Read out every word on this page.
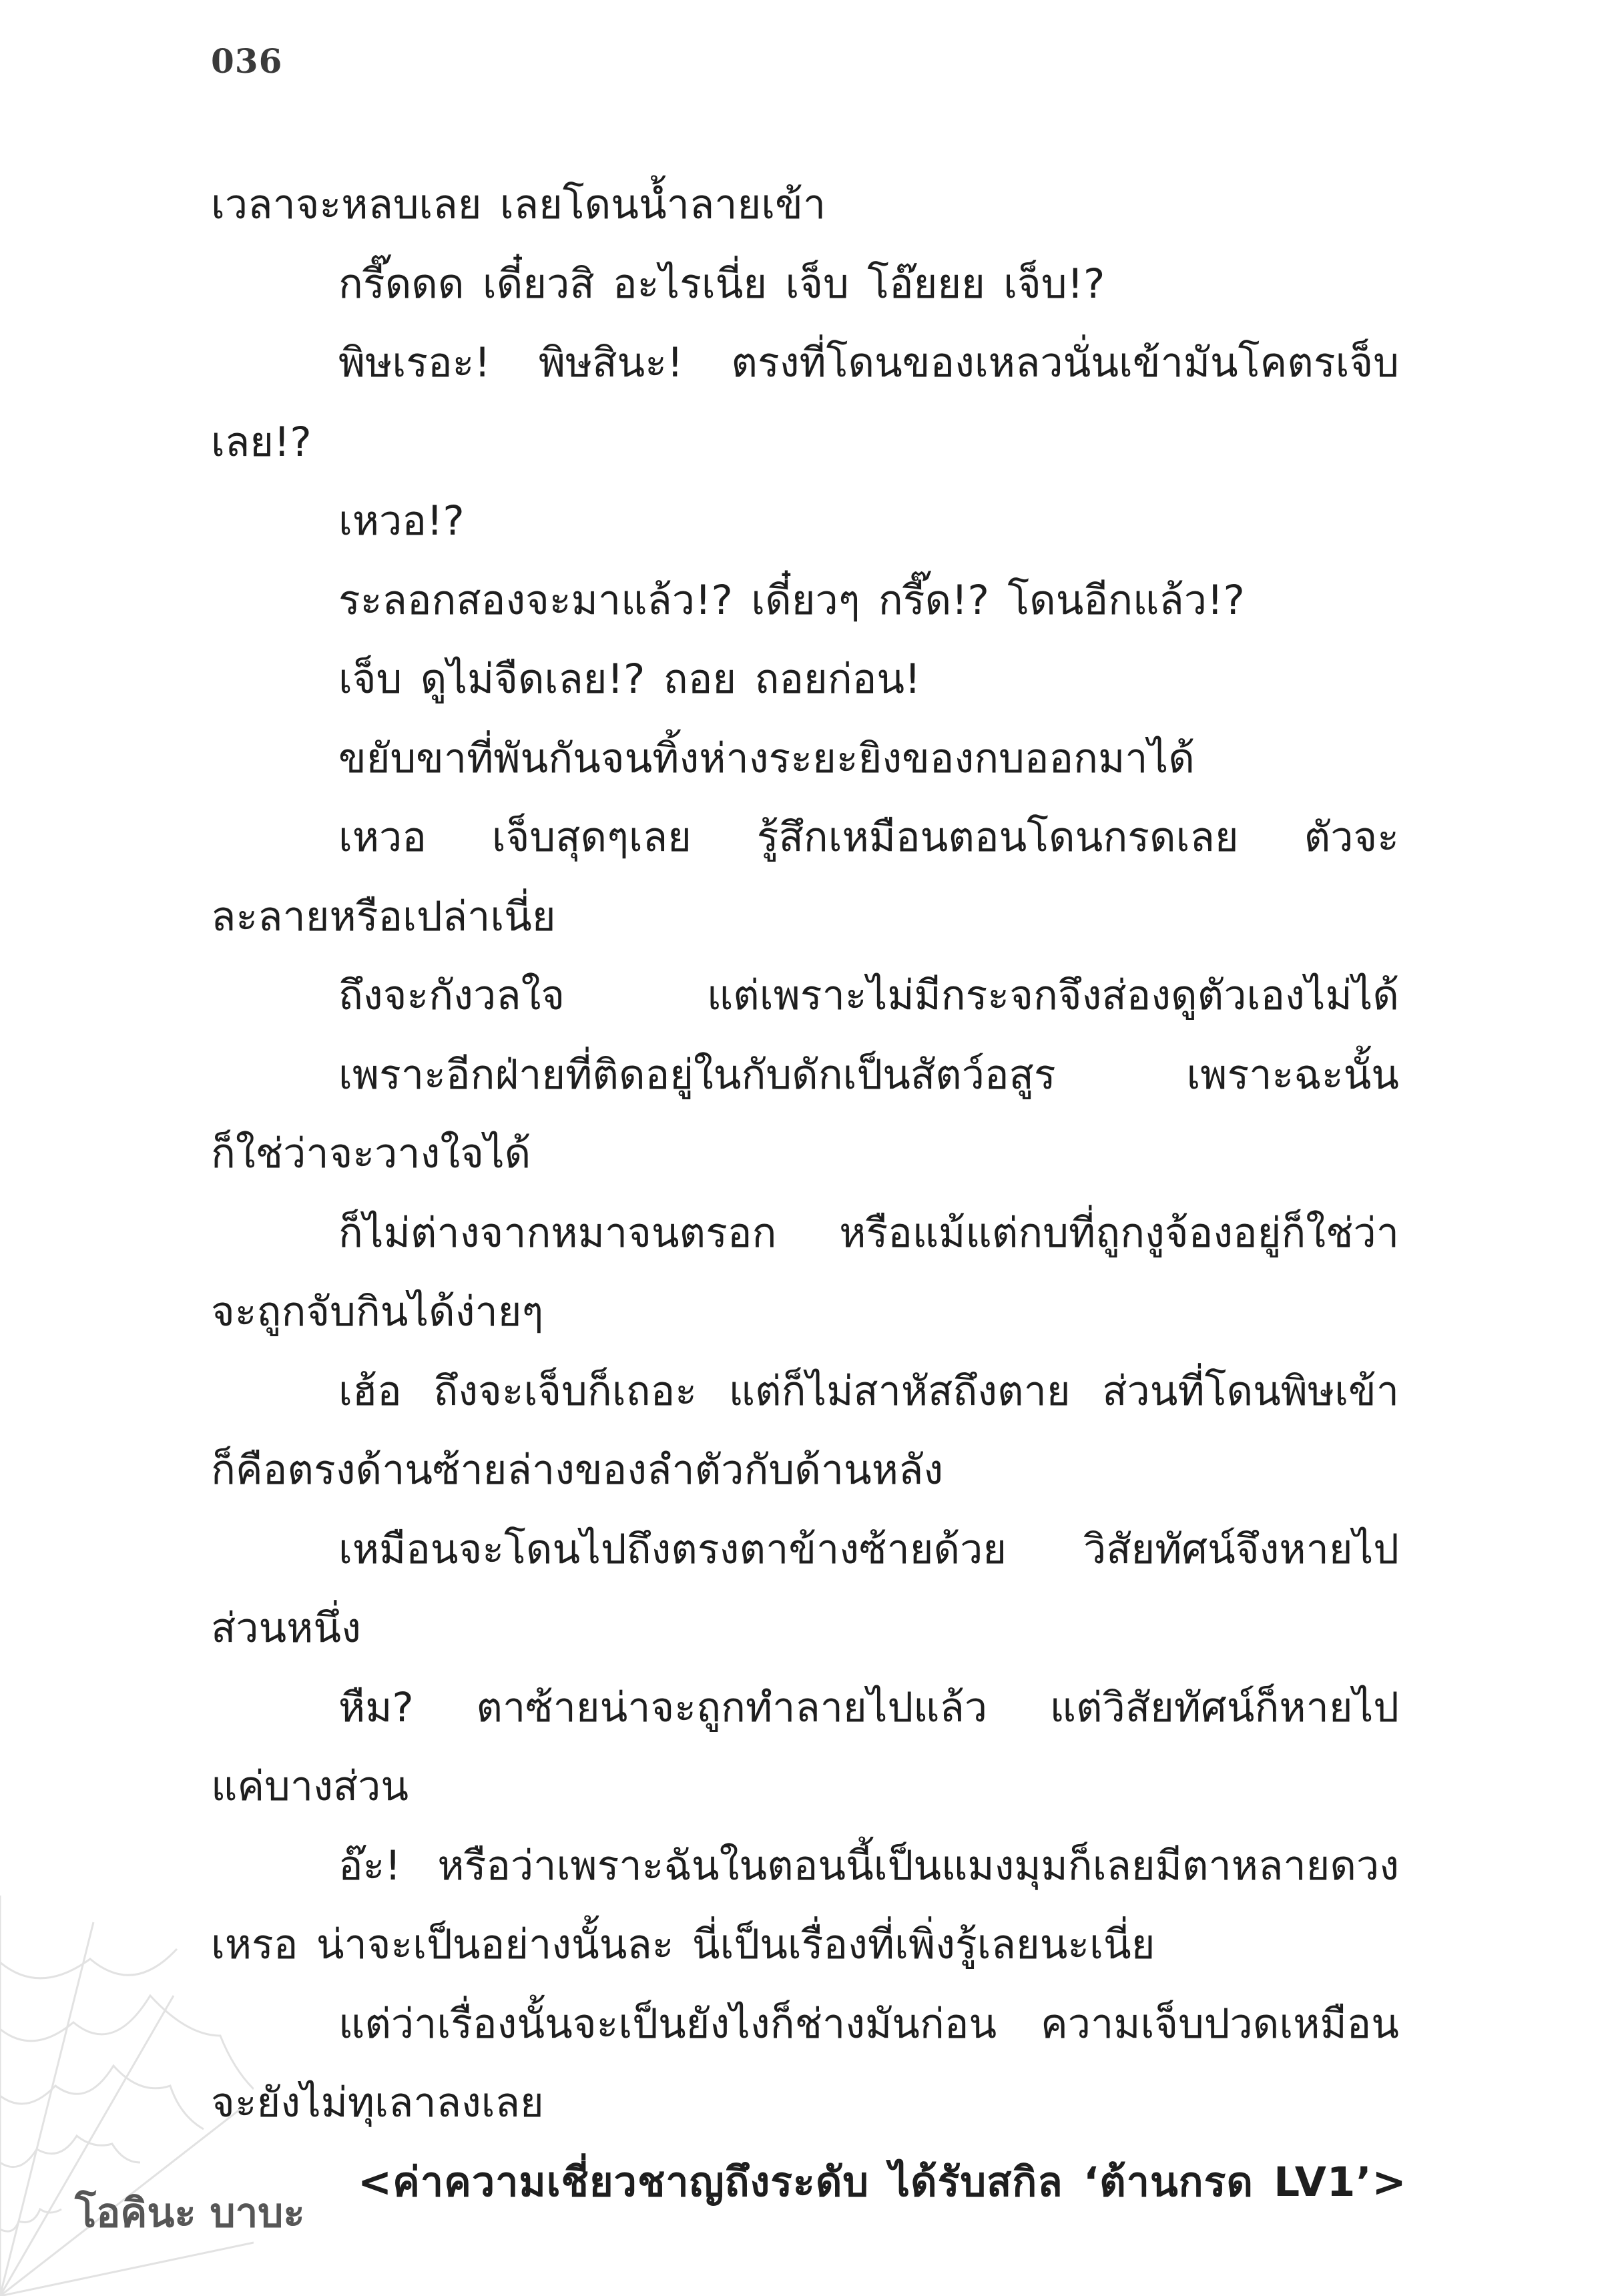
036
เวลาจะหลบเลย เลยโดนน้ำลายเข้า
กรี๊ดดด เดี๋ยวสิ อะไรเนี่ย เจ็บ โอ๊ยยย เจ็บ!?
พิษเรอะ! พิษสินะ! ตรงที่โดนของเหลวนั่นเข้ามันโคตรเจ็บ
เลย!?
เหวอ!?
ระลอกสองจะมาแล้ว!? เดี๋ยวๆ กรี๊ด!? โดนอีกแล้ว!?
เจ็บ ดูไม่จืดเลย!? ถอย ถอยก่อน!
ขยับขาที่พันกันจนทิ้งห่างระยะยิงของกบออกมาได้
เหวอ เจ็บสุดๆเลย รู้สึกเหมือนตอนโดนกรดเลย ตัวจะ
ละลายหรือเปล่าเนี่ย
ถึงจะกังวลใจ แต่เพราะไม่มีกระจกจึงส่องดูตัวเองไม่ได้
เพราะอีกฝ่ายที่ติดอยู่ในกับดักเป็นสัตว์อสูร เพราะฉะนั้น
ก็ใช่ว่าจะวางใจได้
ก็ไม่ต่างจากหมาจนตรอก หรือแม้แต่กบที่ถูกงูจ้องอยู่ก็ใช่ว่า
จะถูกจับกินได้ง่ายๆ
เฮ้อ ถึงจะเจ็บก็เถอะ แต่ก็ไม่สาหัสถึงตาย ส่วนที่โดนพิษเข้า
ก็คือตรงด้านซ้ายล่างของลำตัวกับด้านหลัง
เหมือนจะโดนไปถึงตรงตาข้างซ้ายด้วย วิสัยทัศน์จึงหายไป
ส่วนหนึ่ง
หืม? ตาซ้ายน่าจะถูกทำลายไปแล้ว แต่วิสัยทัศน์ก็หายไป
แค่บางส่วน
อ๊ะ! หรือว่าเพราะฉันในตอนนี้เป็นแมงมุมก็เลยมีตาหลายดวง
เหรอ น่าจะเป็นอย่างนั้นละ นี่เป็นเรื่องที่เพิ่งรู้เลยนะเนี่ย
แต่ว่าเรื่องนั้นจะเป็นยังไงก็ช่างมันก่อน ความเจ็บปวดเหมือน
จะยังไม่ทุเลาลงเลย
<ค่าความเชี่ยวชาญถึงระดับ ได้รับสกิล ‘ต้านกรด LV1’>
โอคินะ บาบะ
